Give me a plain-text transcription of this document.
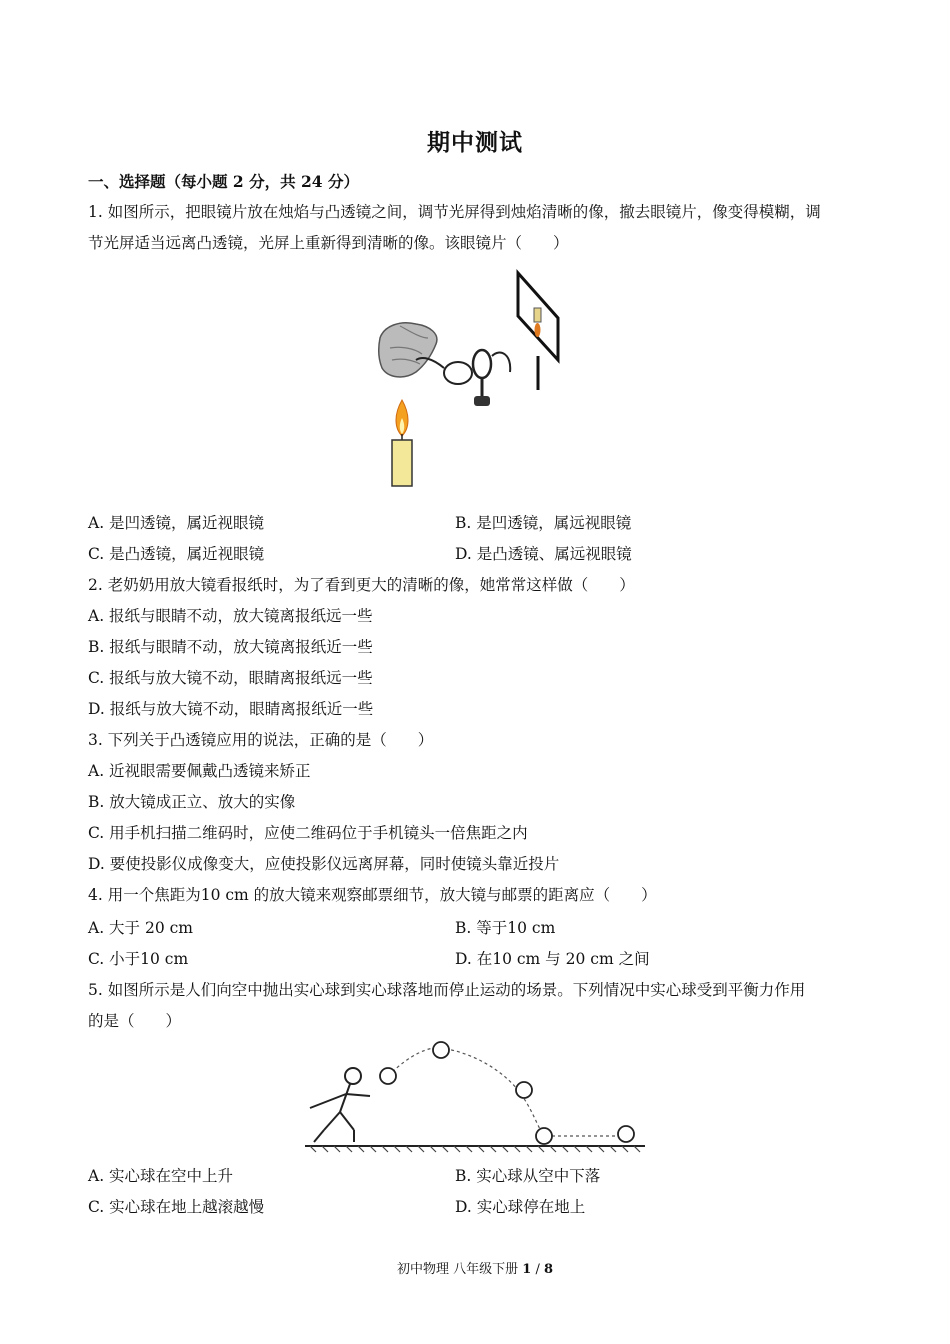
期中测试
一、选择题（每小题 2 分，共 24 分）
1. 如图所示，把眼镜片放在烛焰与凸透镜之间，调节光屏得到烛焰清晰的像，撤去眼镜片，像变得模糊，调
节光屏适当远离凸透镜，光屏上重新得到清晰的像。该眼镜片（　　）
A. 是凹透镜，属近视眼镜	B. 是凹透镜，属远视眼镜
C. 是凸透镜，属近视眼镜	D. 是凸透镜、属远视眼镜
2. 老奶奶用放大镜看报纸时，为了看到更大的清晰的像，她常常这样做（　　）
A. 报纸与眼睛不动，放大镜离报纸远一些
B. 报纸与眼睛不动，放大镜离报纸近一些
C. 报纸与放大镜不动，眼睛离报纸远一些
D. 报纸与放大镜不动，眼睛离报纸近一些
3. 下列关于凸透镜应用的说法，正确的是（　　）
A. 近视眼需要佩戴凸透镜来矫正
B. 放大镜成正立、放大的实像
C. 用手机扫描二维码时，应使二维码位于手机镜头一倍焦距之内
D. 要使投影仪成像变大，应使投影仪远离屏幕，同时使镜头靠近投片
4. 用一个焦距为10 cm 的放大镜来观察邮票细节，放大镜与邮票的距离应（　　）
A. 大于 20 cm	B. 等于10 cm
C. 小于10 cm	D. 在10 cm 与 20 cm 之间
5. 如图所示是人们向空中抛出实心球到实心球落地而停止运动的场景。下列情况中实心球受到平衡力作用
的是（　　）
A. 实心球在空中上升	B. 实心球从空中下落
C. 实心球在地上越滚越慢	D. 实心球停在地上
初中物理 八年级下册 1 / 8
